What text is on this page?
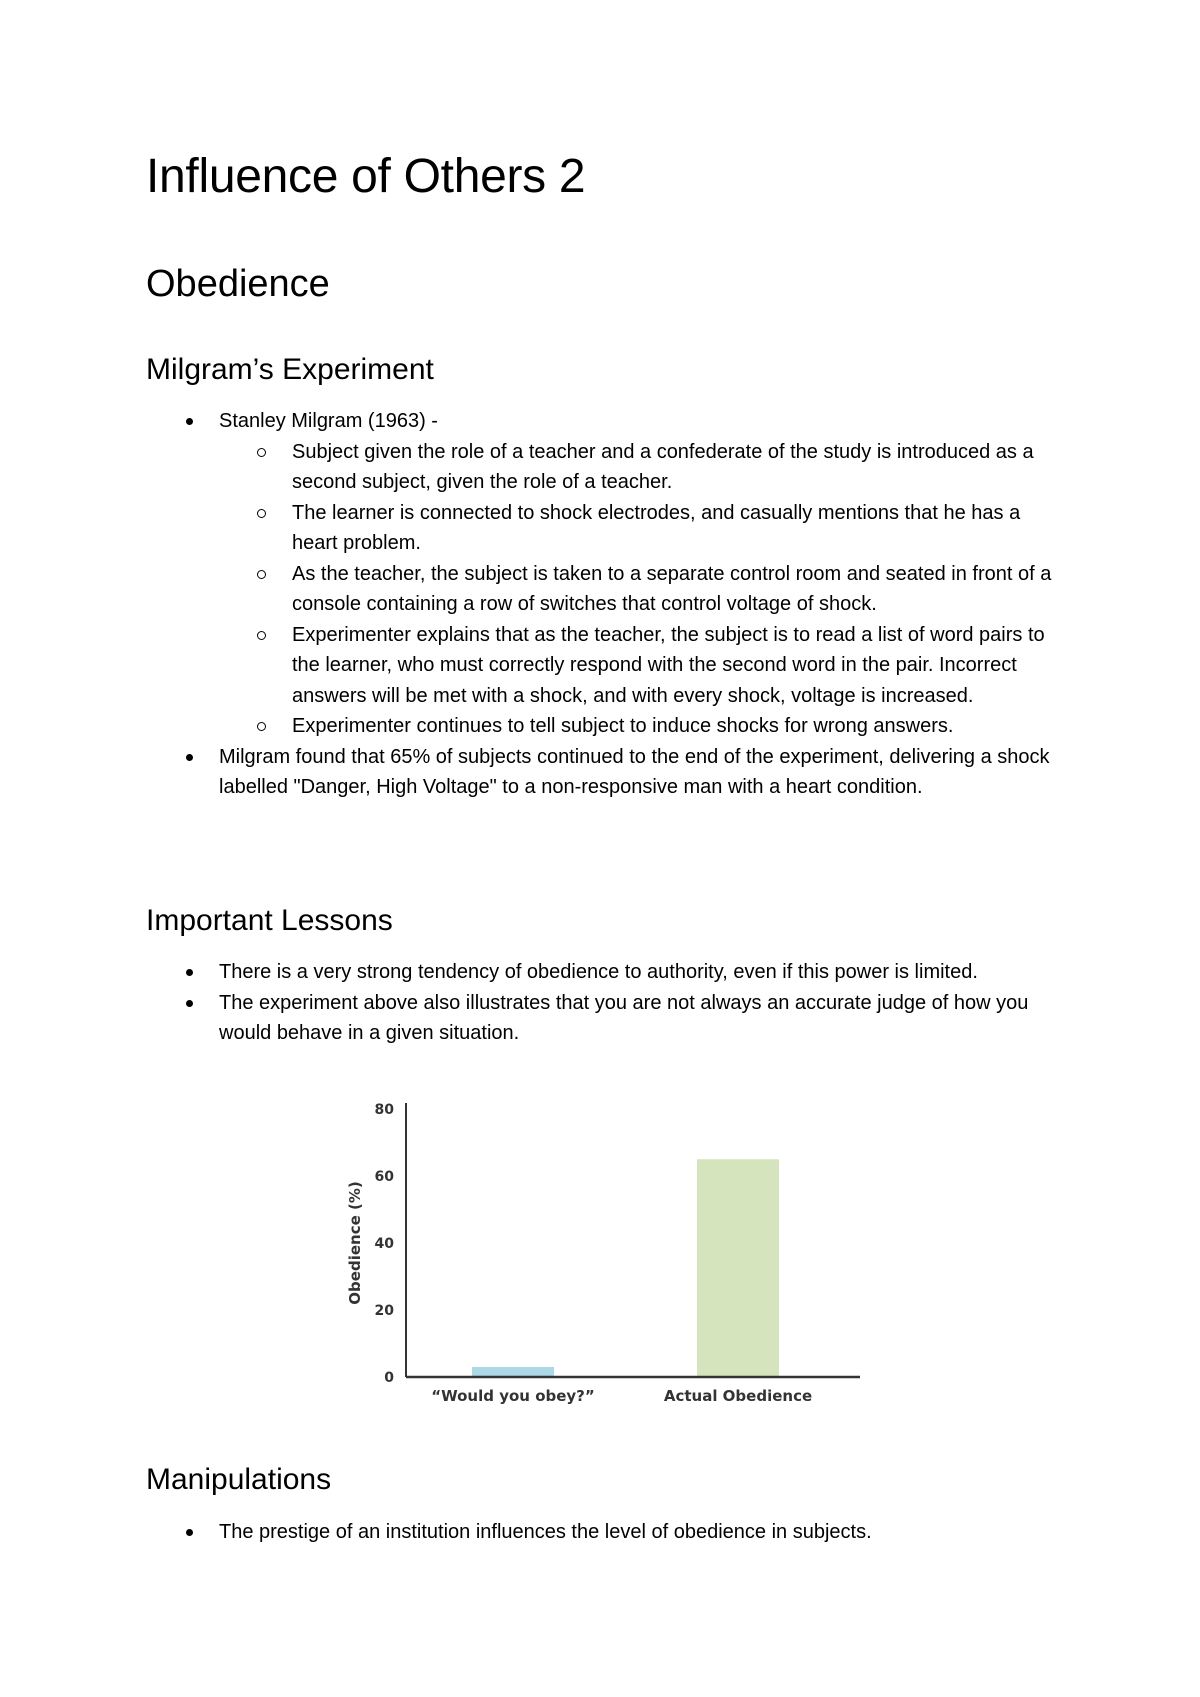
Influence of Others 2
Obedience
Milgram’s Experiment
Stanley Milgram (1963) -
Subject given the role of a teacher and a confederate of the study is introduced as a second subject, given the role of a teacher.
The learner is connected to shock electrodes, and casually mentions that he has a heart problem.
As the teacher, the subject is taken to a separate control room and seated in front of a console containing a row of switches that control voltage of shock.
Experimenter explains that as the teacher, the subject is to read a list of word pairs to the learner, who must correctly respond with the second word in the pair. Incorrect answers will be met with a shock, and with every shock, voltage is increased.
Experimenter continues to tell subject to induce shocks for wrong answers.
Milgram found that 65% of subjects continued to the end of the experiment, delivering a shock labelled "Danger, High Voltage" to a non-responsive man with a heart condition.
Important Lessons
There is a very strong tendency of obedience to authority, even if this power is limited.
The experiment above also illustrates that you are not always an accurate judge of how you would behave in a given situation.
Manipulations
The prestige of an institution influences the level of obedience in subjects.
0
20
40
60
80
Obedience (%)
“Would you obey?”	Actual Obedience
